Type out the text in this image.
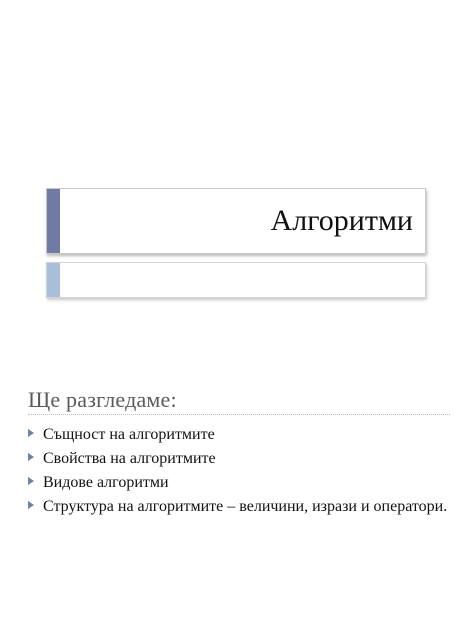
Алгоритми
Ще разгледаме:
Същност на алгоритмите
Свойства на алгоритмите
Видове алгоритми
Структура на алгоритмите – величини, изрази и оператори.
